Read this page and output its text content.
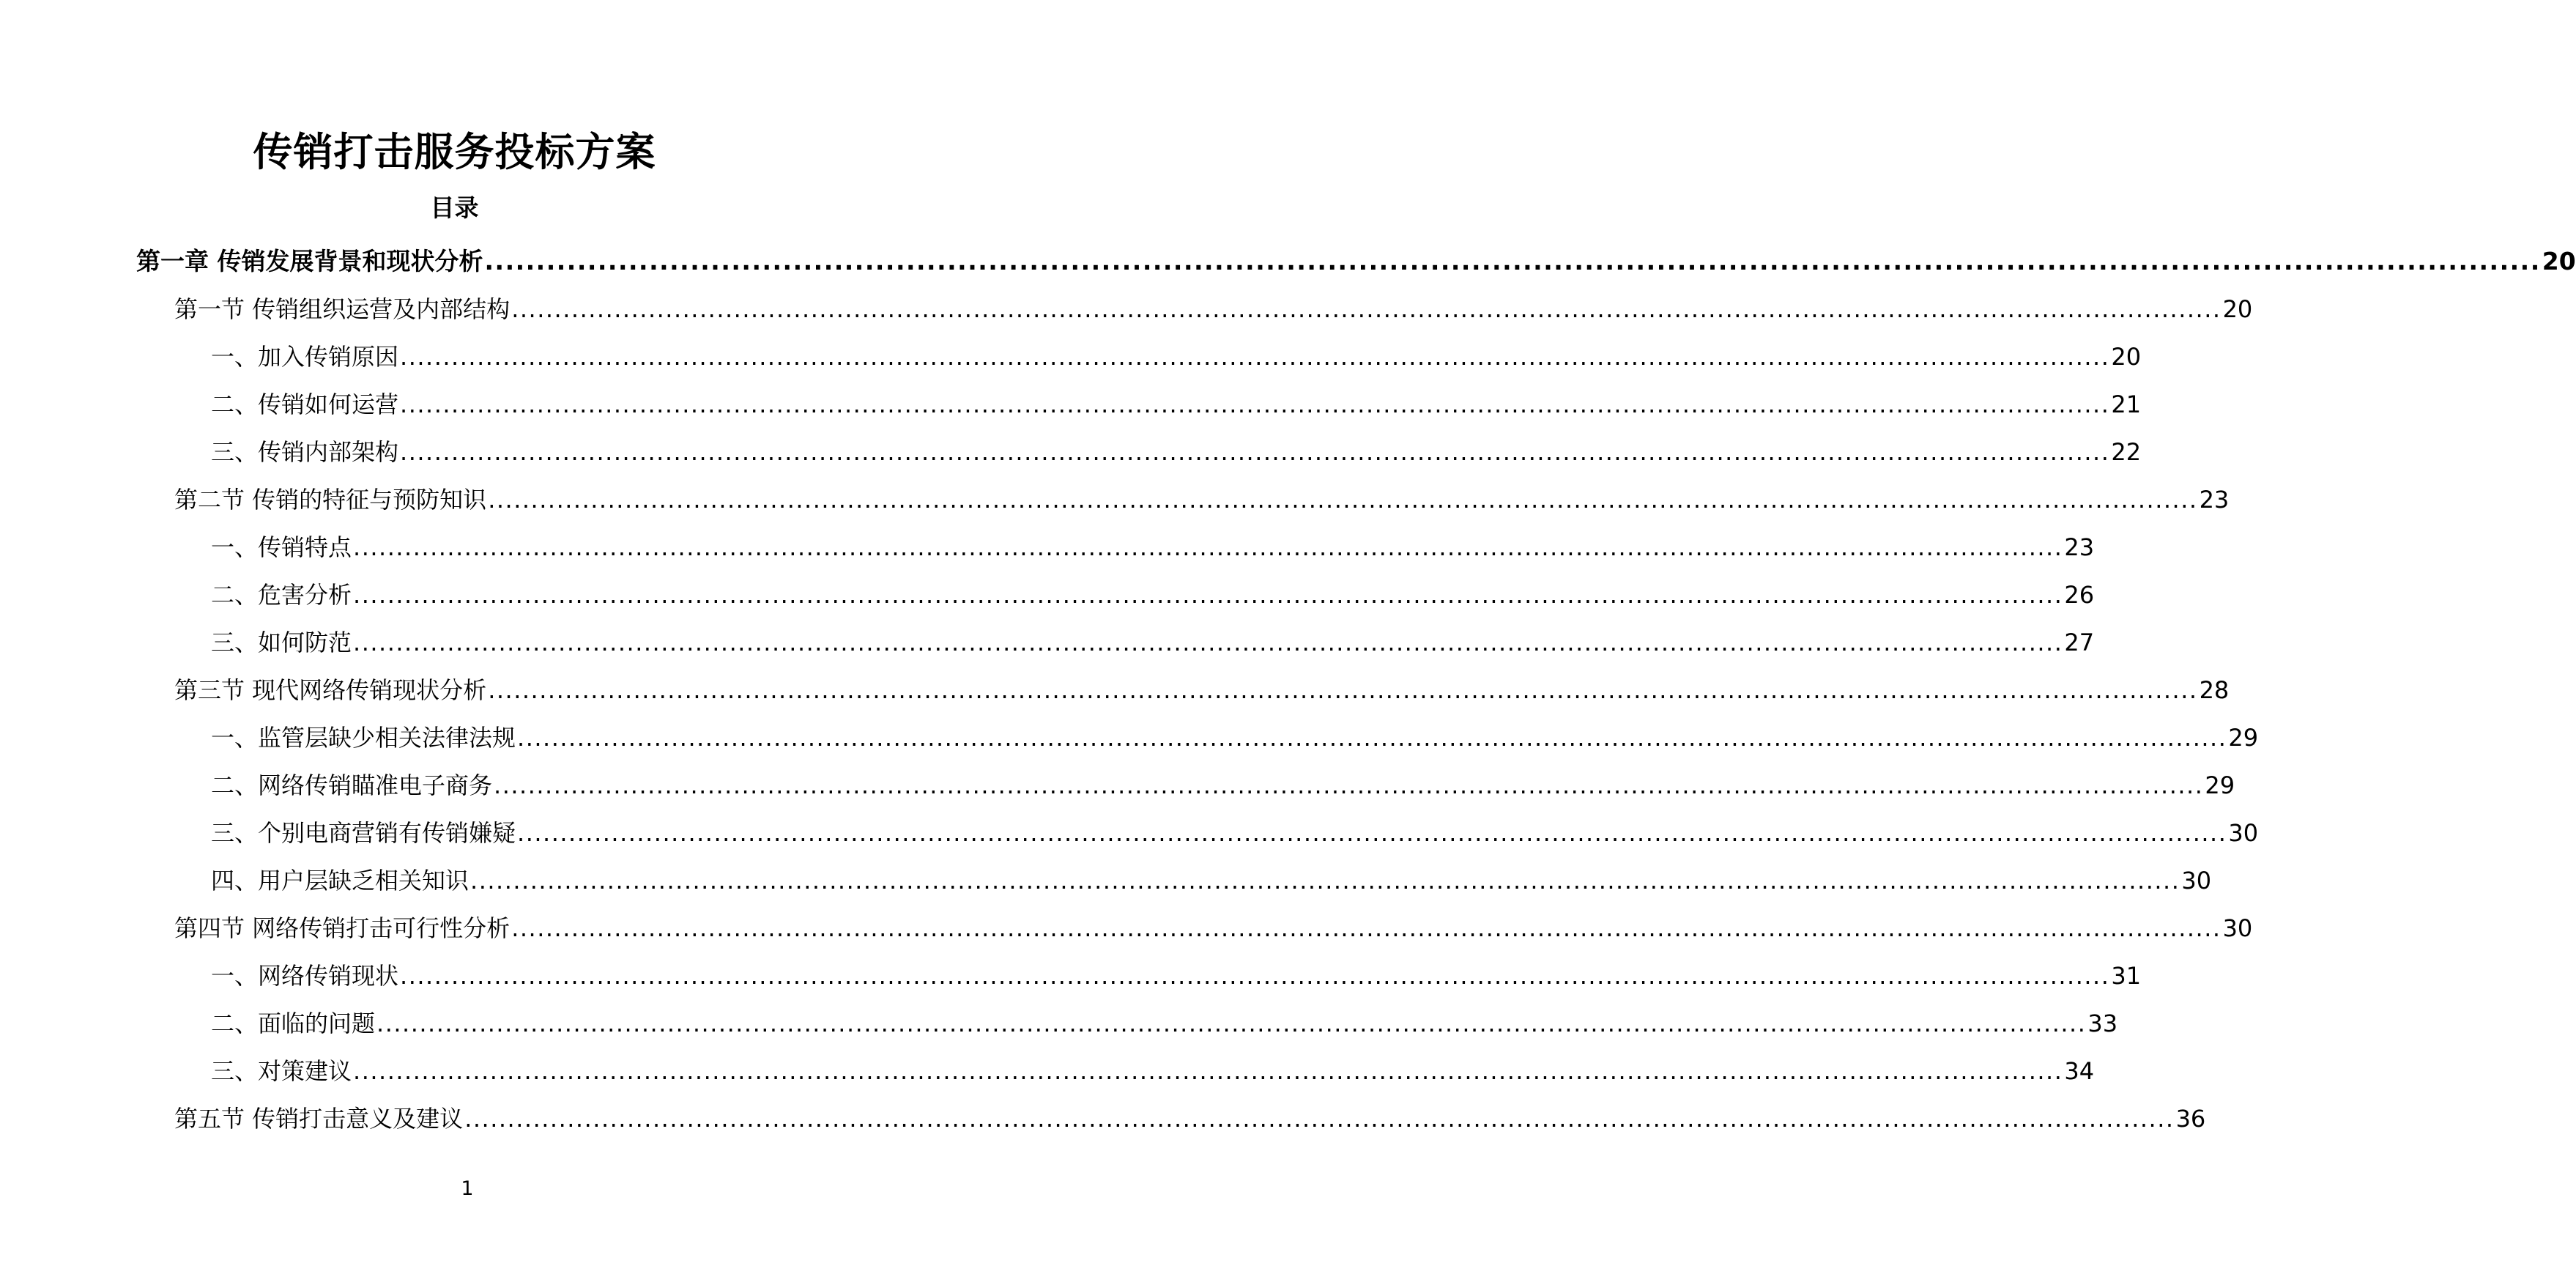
传销打击服务投标方案
目录
第一章 传销发展背景和现状分析 ........................................................................................................................................................................................................ 20
第一节 传销组织运营及内部结构 ........................................................................................................................................................................................................ 20
一、加入传销原因 ........................................................................................................................................................................................................ 20
二、传销如何运营 ........................................................................................................................................................................................................ 21
三、传销内部架构 ........................................................................................................................................................................................................ 22
第二节 传销的特征与预防知识 ........................................................................................................................................................................................................ 23
一、传销特点 ........................................................................................................................................................................................................ 23
二、危害分析 ........................................................................................................................................................................................................ 26
三、如何防范 ........................................................................................................................................................................................................ 27
第三节 现代网络传销现状分析 ........................................................................................................................................................................................................ 28
一、监管层缺少相关法律法规 ........................................................................................................................................................................................................ 29
二、网络传销瞄准电子商务 ........................................................................................................................................................................................................ 29
三、个别电商营销有传销嫌疑 ........................................................................................................................................................................................................ 30
四、用户层缺乏相关知识 ........................................................................................................................................................................................................ 30
第四节 网络传销打击可行性分析 ........................................................................................................................................................................................................ 30
一、网络传销现状 ........................................................................................................................................................................................................ 31
二、面临的问题 ........................................................................................................................................................................................................ 33
三、对策建议 ........................................................................................................................................................................................................ 34
第五节 传销打击意义及建议 ........................................................................................................................................................................................................ 36
1
